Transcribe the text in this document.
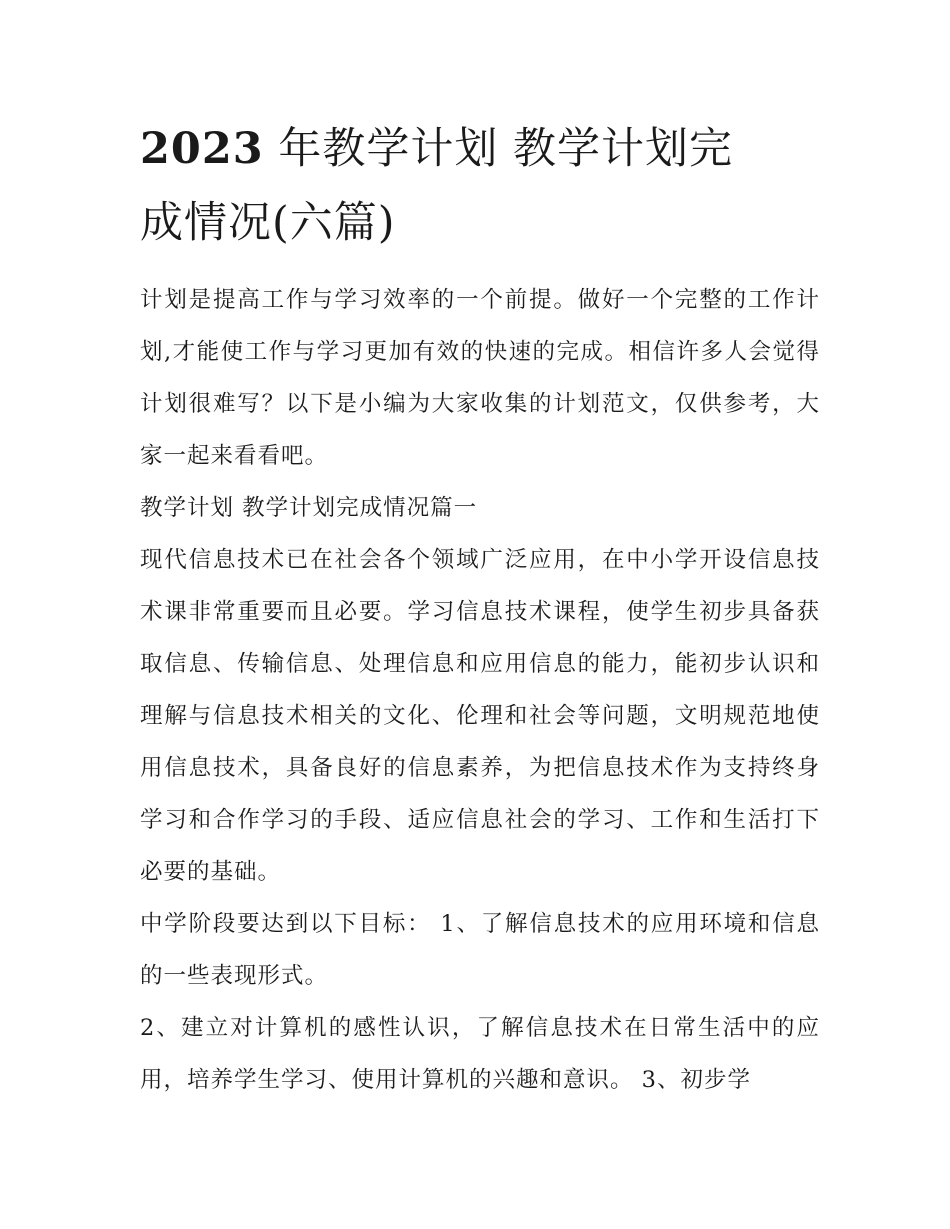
2023 年教学计划 教学计划完
成情况(六篇)

计划是提高工作与学习效率的一个前提。做好一个完整的工作计划,才能使工作与学习更加有效的快速的完成。相信许多人会觉得计划很难写？以下是小编为大家收集的计划范文，仅供参考，大家一起来看看吧。

教学计划 教学计划完成情况篇一

现代信息技术已在社会各个领域广泛应用，在中小学开设信息技术课非常重要而且必要。学习信息技术课程，使学生初步具备获取信息、传输信息、处理信息和应用信息的能力，能初步认识和理解与信息技术相关的文化、伦理和社会等问题，文明规范地使用信息技术，具备良好的信息素养，为把信息技术作为支持终身学习和合作学习的手段、适应信息社会的学习、工作和生活打下必要的基础。

中学阶段要达到以下目标： 1、了解信息技术的应用环境和信息的一些表现形式。

2、建立对计算机的感性认识，了解信息技术在日常生活中的应用，培养学生学习、使用计算机的兴趣和意识。 3、初步学
